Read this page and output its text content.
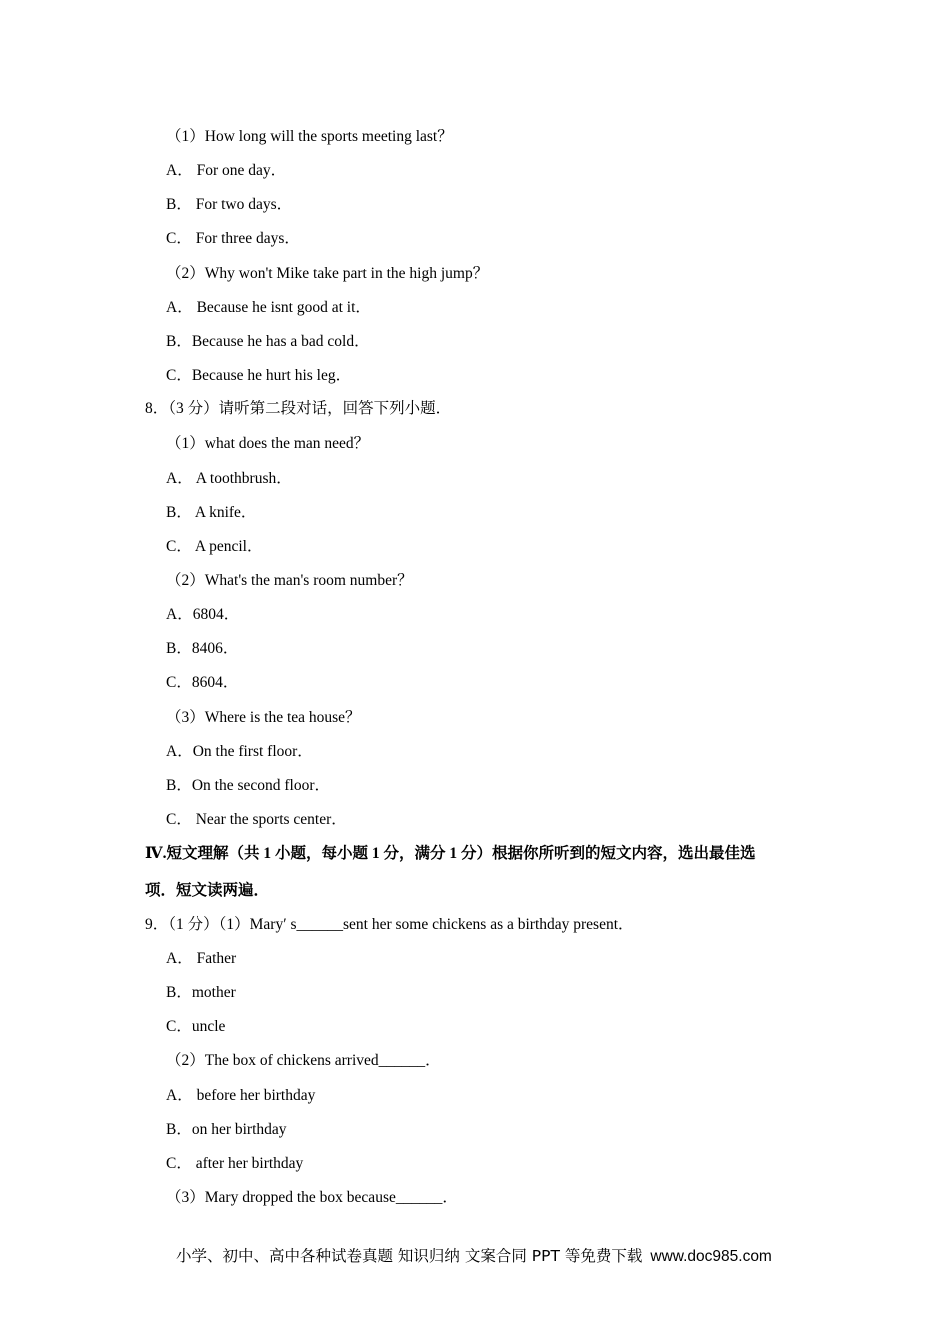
（1）How long will the sports meeting last？
A． For one day．
B． For two days．
C． For three days．
（2）Why won't Mike take part in the high jump？
A． Because he isnt good at it．
B．Because he has a bad cold．
C．Because he hurt his leg．
8．（3 分）请听第二段对话，回答下列小题．
（1）what does the man need？
A． A toothbrush．
B． A knife．
C． A pencil．
（2）What's the man's room number？
A．6804．
B．8406．
C．8604．
（3）Where is the tea house？
A．On the first floor．
B．On the second floor．
C． Near the sports center．
Ⅳ.短文理解（共 1 小题，每小题 1 分，满分 1 分）根据你所听到的短文内容，选出最佳选
项．短文读两遍．
9．（1 分）（1）Mary′ s______sent her some chickens as a birthday present．
A． Father
B．mother
C．uncle
（2）The box of chickens arrived______．
A． before her birthday
B．on her birthday
C． after her birthday
（3）Mary dropped the box because______．
小学、初中、高中各种试卷真题 知识归纳 文案合同 PPT 等免费下载 www.doc985.com
